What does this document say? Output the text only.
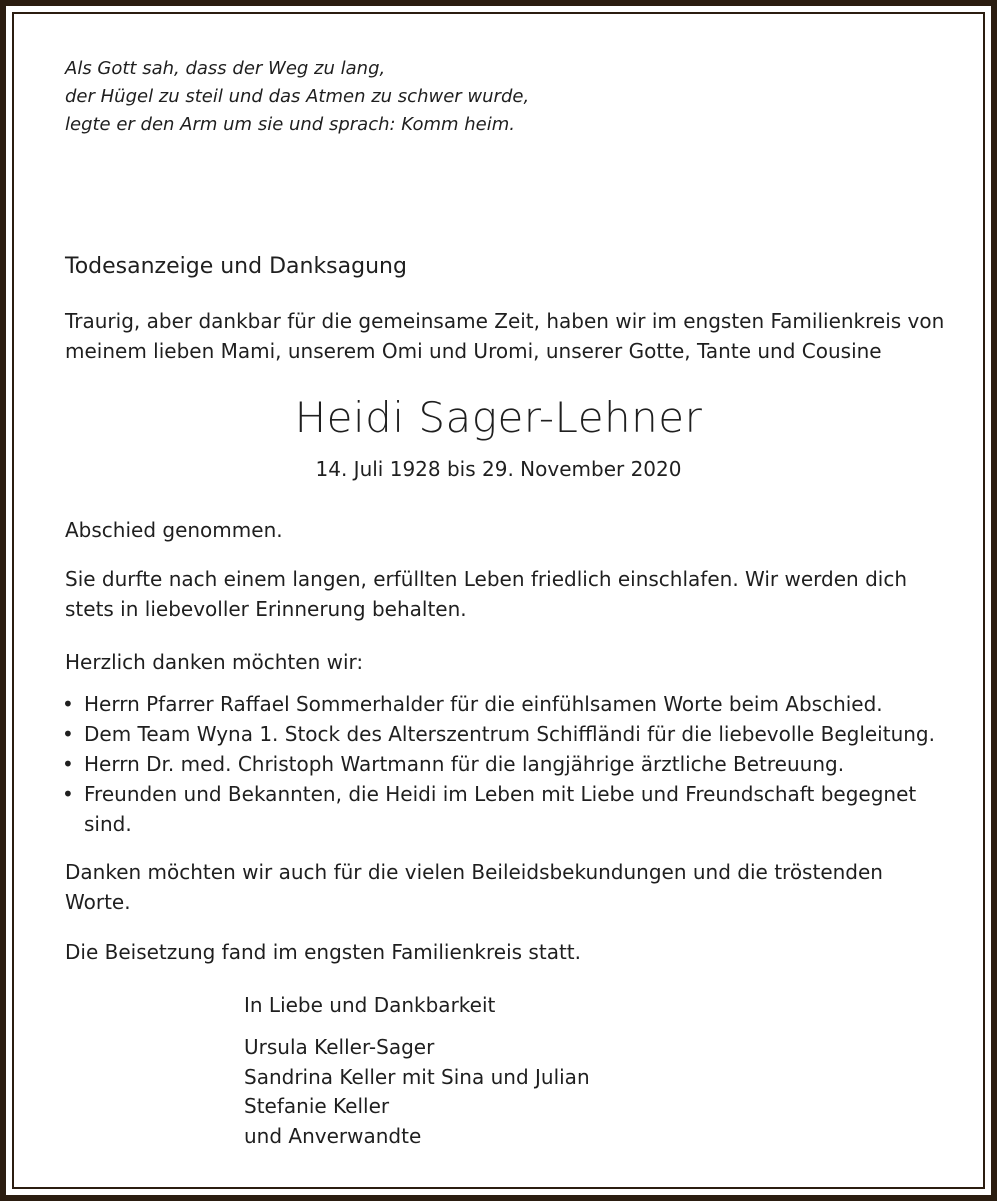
Als Gott sah, dass der Weg zu lang,
der Hügel zu steil und das Atmen zu schwer wurde,
legte er den Arm um sie und sprach: Komm heim.
Todesanzeige und Danksagung
Traurig, aber dankbar für die gemeinsame Zeit, haben wir im engsten Familienkreis von
meinem lieben Mami, unserem Omi und Uromi, unserer Gotte, Tante und Cousine
Heidi Sager-Lehner
14. Juli 1928 bis 29. November 2020
Abschied genommen.
Sie durfte nach einem langen, erfüllten Leben friedlich einschlafen. Wir werden dich
stets in liebevoller Erinnerung behalten.
Herzlich danken möchten wir:
• Herrn Pfarrer Raffael Sommerhalder für die einfühlsamen Worte beim Abschied.
• Dem Team Wyna 1. Stock des Alterszentrum Schiffländi für die liebevolle Begleitung.
• Herrn Dr. med. Christoph Wartmann für die langjährige ärztliche Betreuung.
• Freunden und Bekannten, die Heidi im Leben mit Liebe und Freundschaft begegnet
sind.
Danken möchten wir auch für die vielen Beileidsbekundungen und die tröstenden
Worte.
Die Beisetzung fand im engsten Familienkreis statt.
In Liebe und Dankbarkeit
Ursula Keller-Sager
Sandrina Keller mit Sina und Julian
Stefanie Keller
und Anverwandte
